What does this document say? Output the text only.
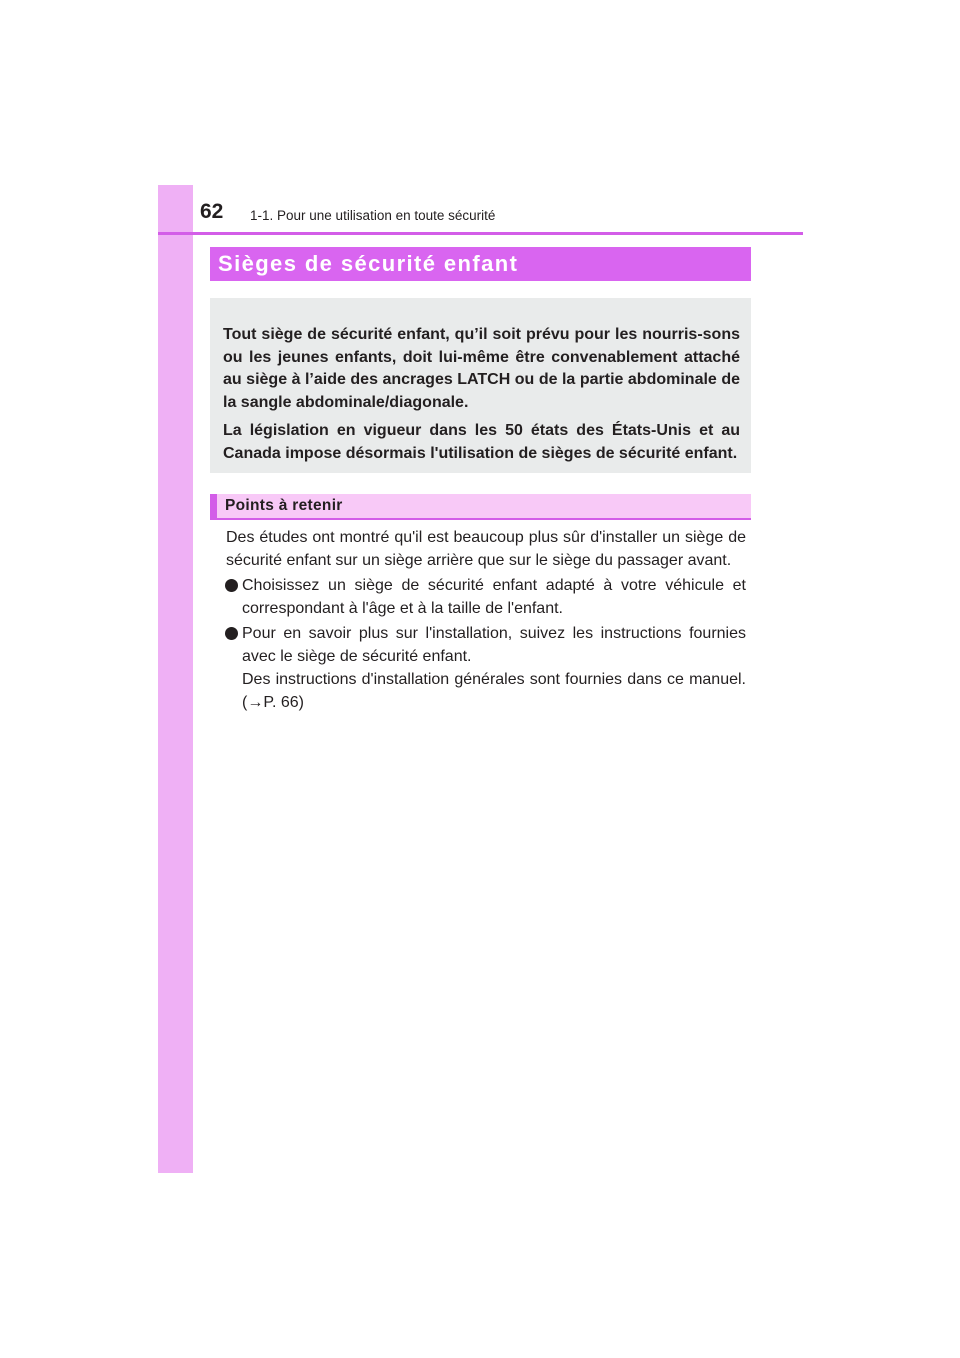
62 1-1. Pour une utilisation en toute sécurité
Sièges de sécurité enfant

Tout siège de sécurité enfant, qu’il soit prévu pour les nourris-sons ou les jeunes enfants, doit lui-même être convenablement attaché au siège à l’aide des ancrages LATCH ou de la partie abdominale de la sangle abdominale/diagonale.

La législation en vigueur dans les 50 états des États-Unis et au Canada impose désormais l'utilisation de sièges de sécurité enfant.

Points à retenir

Des études ont montré qu'il est beaucoup plus sûr d'installer un siège de sécurité enfant sur un siège arrière que sur le siège du passager avant.

Choisissez un siège de sécurité enfant adapté à votre véhicule et correspondant à l'âge et à la taille de l'enfant.

Pour en savoir plus sur l'installation, suivez les instructions fournies avec le siège de sécurité enfant.

Des instructions d'installation générales sont fournies dans ce manuel. (→P. 66)
